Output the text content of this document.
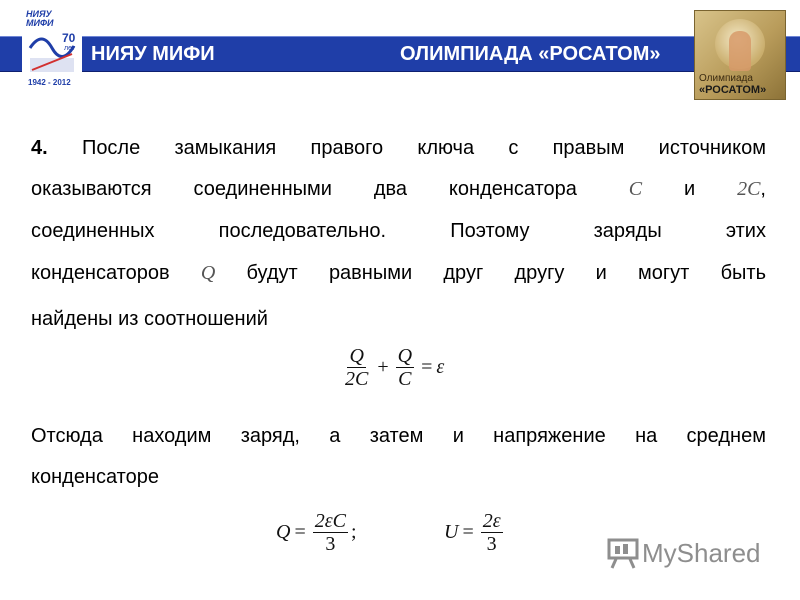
НИЯУ МИФИ	ОЛИМПИАДА «РОСАТОМ»
НИЯУ
МИФИ
70
лет
1942 - 2012	Олимпиада
«РОСАТОМ»
4. После замыкания правого ключа с правым источником
оказываются соединенными два конденсатора	C и 2C,
соединенных	последовательно.	Поэтому	заряды	этих
конденсаторов Q будут равными друг другу и могут быть
найдены из соотношений
$\frac{Q}{2C} + \frac{Q}{C} = \varepsilon$
Отсюда находим заряд, а затем и напряжение на среднем
конденсаторе
$Q = \frac{2\varepsilon C}{3}$ ;	$U = \frac{2\varepsilon}{3}$	MyShared
